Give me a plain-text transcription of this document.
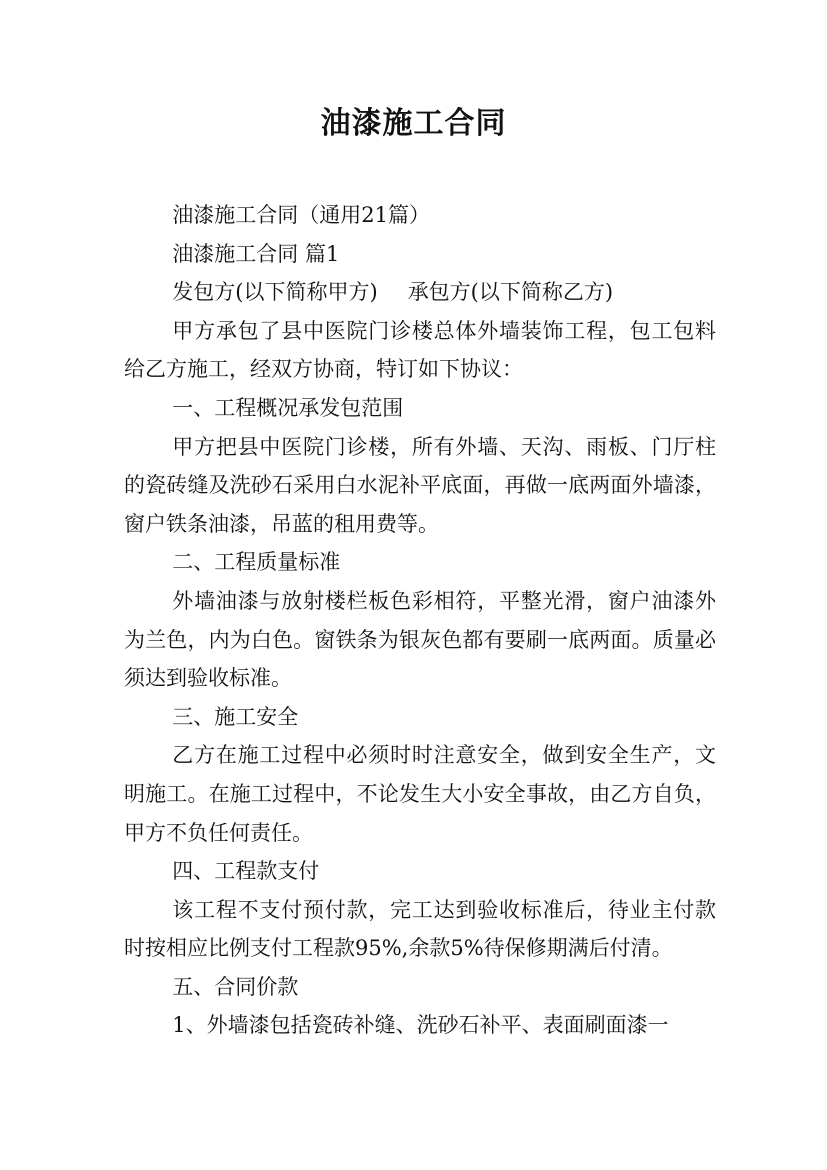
油漆施工合同

油漆施工合同（通用21篇）

油漆施工合同 篇1

发包方(以下简称甲方) 承包方(以下简称乙方)

甲方承包了县中医院门诊楼总体外墙装饰工程，包工包料给乙方施工，经双方协商，特订如下协议：

一、工程概况承发包范围

甲方把县中医院门诊楼，所有外墙、天沟、雨板、门厅柱的瓷砖缝及洗砂石采用白水泥补平底面，再做一底两面外墙漆，窗户铁条油漆，吊蓝的租用费等。

二、工程质量标准

外墙油漆与放射楼栏板色彩相符，平整光滑，窗户油漆外为兰色，内为白色。窗铁条为银灰色都有要刷一底两面。质量必须达到验收标准。

三、施工安全

乙方在施工过程中必须时时注意安全，做到安全生产，文明施工。在施工过程中，不论发生大小安全事故，由乙方自负，甲方不负任何责任。

四、工程款支付

该工程不支付预付款，完工达到验收标准后，待业主付款时按相应比例支付工程款95%,余款5%待保修期满后付清。

五、合同价款

1、外墙漆包括瓷砖补缝、洗砂石补平、表面刷面漆一
